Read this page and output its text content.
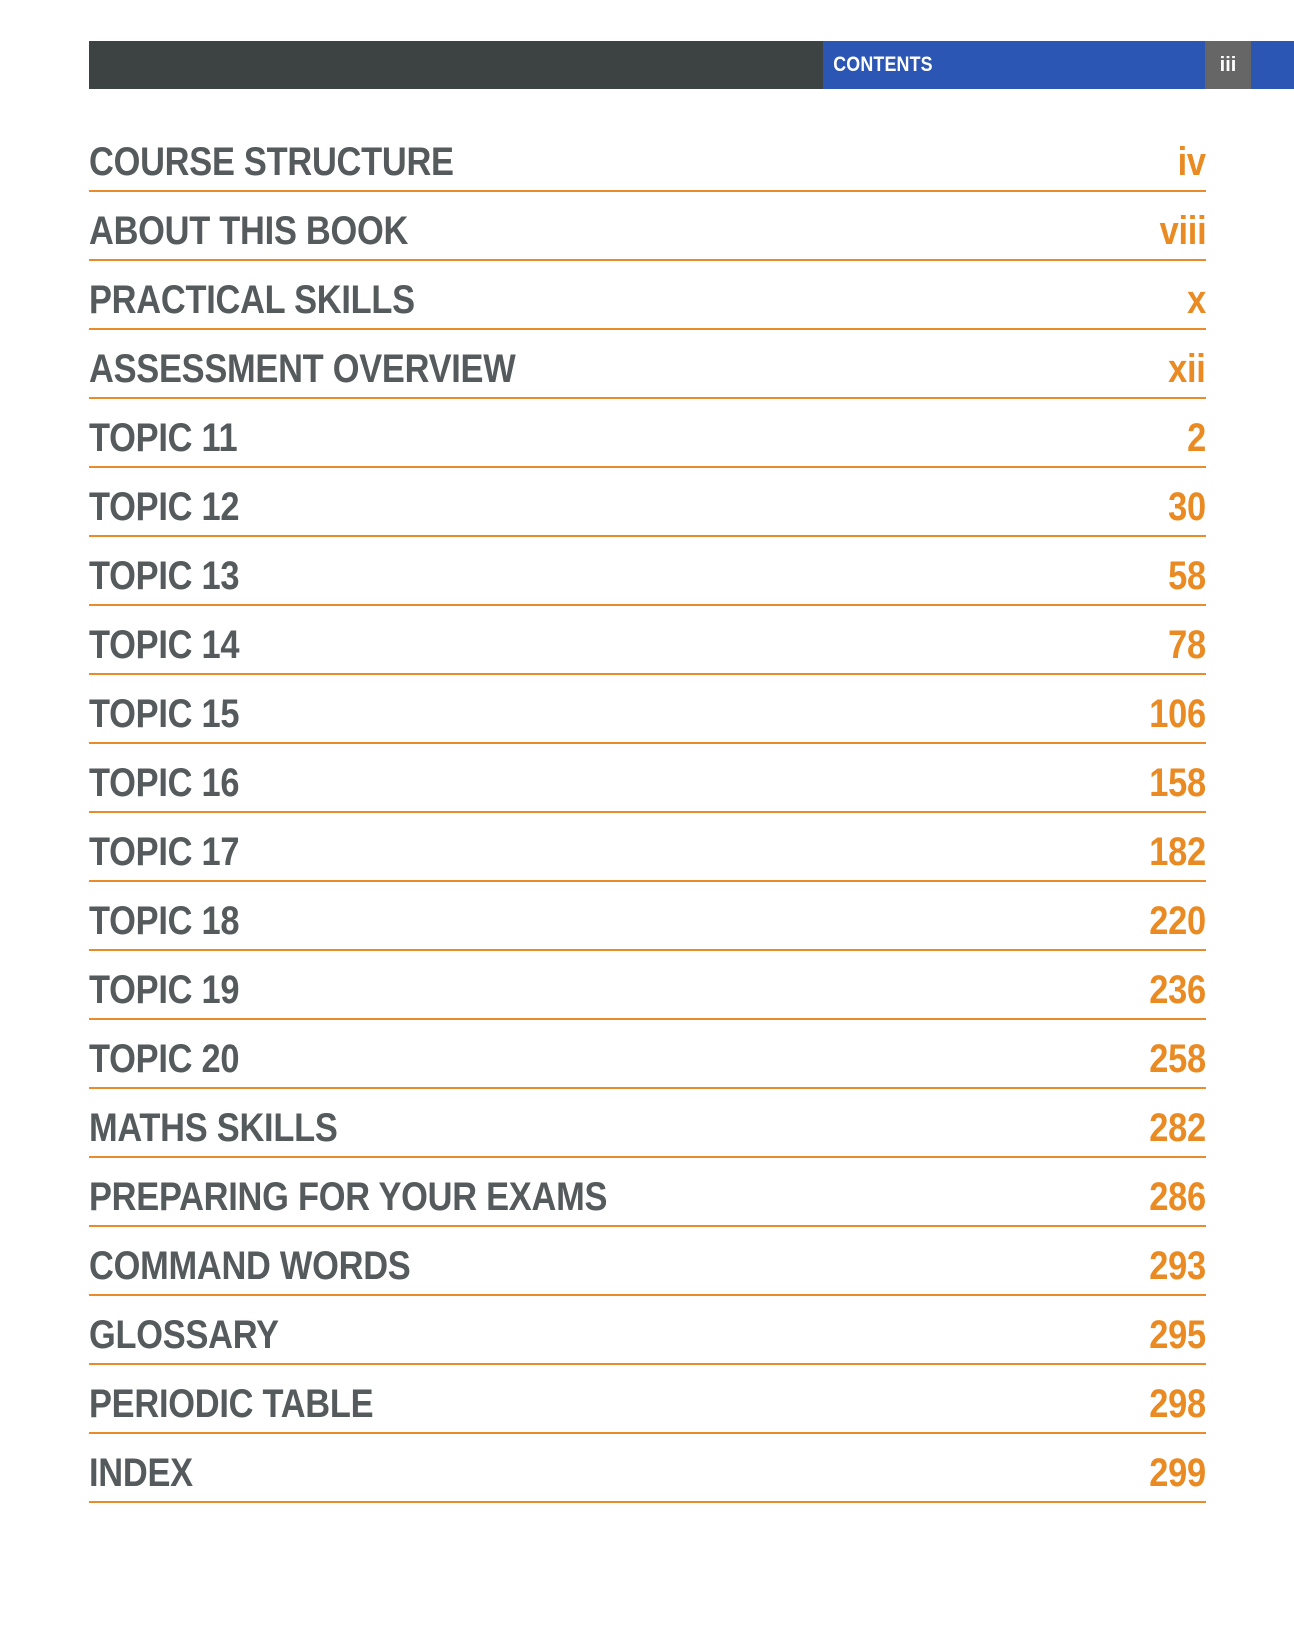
CONTENTS	iii
COURSE STRUCTURE	iv
ABOUT THIS BOOK	viii
PRACTICAL SKILLS	x
ASSESSMENT OVERVIEW	xii
TOPIC 11	2
TOPIC 12	30
TOPIC 13	58
TOPIC 14	78
TOPIC 15	106
TOPIC 16	158
TOPIC 17	182
TOPIC 18	220
TOPIC 19	236
TOPIC 20	258
MATHS SKILLS	282
PREPARING FOR YOUR EXAMS	286
COMMAND WORDS	293
GLOSSARY	295
PERIODIC TABLE	298
INDEX	299
